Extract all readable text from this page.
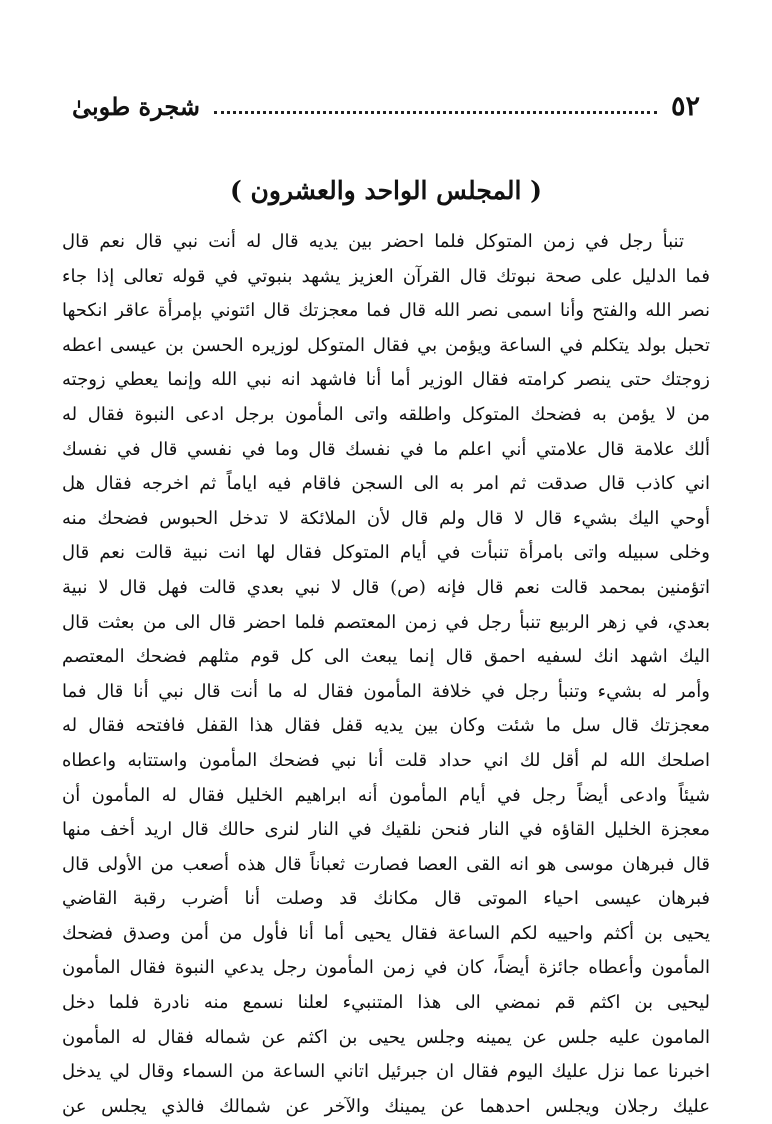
٥٢
شجرة طوبیٰ
( المجلس الواحد والعشرون )
تنبأ رجل في زمن المتوكل فلما احضر بين يديه قال له أنت نبي قال نعم قال
فما الدليل على صحة نبوتك قال القرآن العزيز يشهد بنبوتي في قوله تعالى إذا جاء
نصر الله والفتح وأنا اسمى نصر الله قال فما معجزتك قال ائتوني بإمرأة عاقر انكحها
تحبل بولد يتكلم في الساعة ويؤمن بي فقال المتوكل لوزيره الحسن بن عيسى اعطه
زوجتك حتى ينصر كرامته فقال الوزير أما أنا فاشهد انه نبي الله وإنما يعطي زوجته
من لا يؤمن به فضحك المتوكل واطلقه واتى المأمون برجل ادعى النبوة فقال له
ألك علامة قال علامتي أني اعلم ما في نفسك قال وما في نفسي قال في نفسك
اني كاذب قال صدقت ثم امر به الى السجن فاقام فيه اياماً ثم اخرجه فقال هل
أوحي اليك بشيء قال لا قال ولم قال لأن الملائكة لا تدخل الحبوس فضحك منه
وخلى سبيله واتى بامرأة تنبأت في أيام المتوكل فقال لها انت نبية قالت نعم قال
اتؤمنين بمحمد قالت نعم قال فإنه (ص) قال لا نبي بعدي قالت فهل قال لا نبية
بعدي، في زهر الربيع تنبأ رجل في زمن المعتصم فلما احضر قال الى من بعثت قال
اليك اشهد انك لسفيه احمق قال إنما يبعث الى كل قوم مثلهم فضحك المعتصم
وأمر له بشيء وتنبأ رجل في خلافة المأمون فقال له ما أنت قال نبي أنا قال فما
معجزتك قال سل ما شئت وكان بين يديه قفل فقال هذا القفل فافتحه فقال له
اصلحك الله لم أقل لك اني حداد قلت أنا نبي فضحك المأمون واستتابه واعطاه
شيئاً وادعى أيضاً رجل في أيام المأمون أنه ابراهيم الخليل فقال له المأمون أن
معجزة الخليل القاؤه في النار فنحن نلقيك في النار لنرى حالك قال اريد أخف منها
قال فبرهان موسى هو انه القى العصا فصارت ثعباناً قال هذه أصعب من الأولى قال
فبرهان عيسى احياء الموتى قال مكانك قد وصلت أنا أضرب رقبة القاضي
يحيى بن أكثم واحييه لكم الساعة فقال يحيى أما أنا فأول من أمن وصدق فضحك
المأمون وأعطاه جائزة أيضاً، كان في زمن المأمون رجل يدعي النبوة فقال المأمون
ليحيى بن اكثم قم نمضي الى هذا المتنبيء لعلنا نسمع منه نادرة فلما دخل
المامون عليه جلس عن يمينه وجلس يحيى بن اكثم عن شماله فقال له المأمون
اخبرنا عما نزل عليك اليوم فقال ان جبرئيل اتاني الساعة من السماء وقال لي يدخل
عليك رجلان ويجلس احدهما عن يمينك والآخر عن شمالك فالذي يجلس عن
